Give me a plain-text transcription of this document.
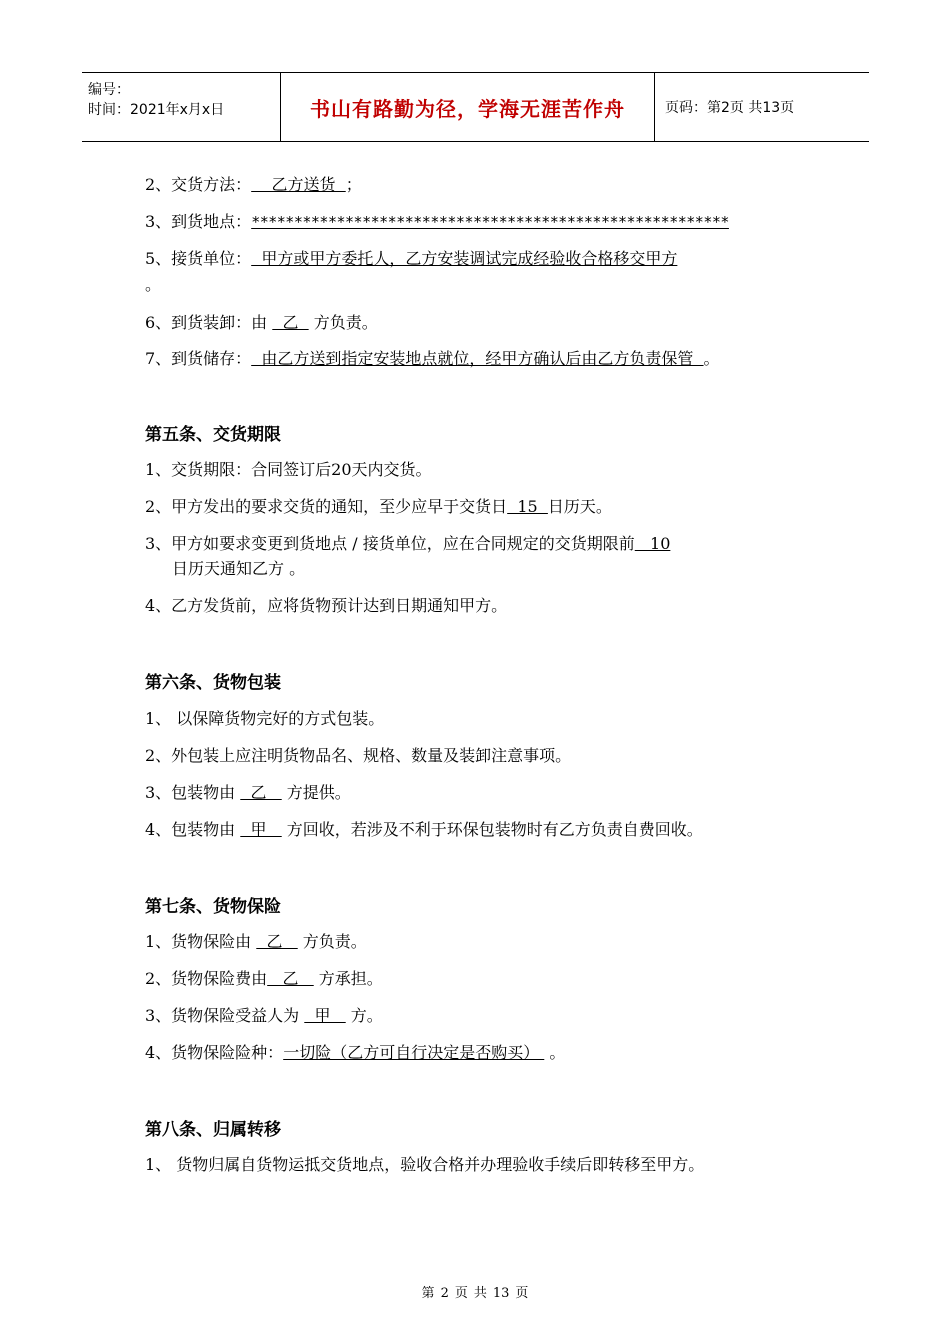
编号：
时间：2021年x月x日	书山有路勤为径，学海无涯苦作舟	页码：第2页 共13页
2、交货方法：    乙方送货  ；
3、到货地点：********************************************************
5、接货单位：  甲方或甲方委托人，乙方安装调试完成经验收合格移交甲方
。
6、到货装卸：由   乙   方负责。
7、到货储存：  由乙方送到指定安装地点就位，经甲方确认后由乙方负责保管  。
第五条、交货期限
1、交货期限：合同签订后20天内交货。
2、甲方发出的要求交货的通知，至少应早于交货日  15  日历天。
3、甲方如要求变更到货地点 / 接货单位，应在合同规定的交货期限前   10
日历天通知乙方 。
4、乙方发货前，应将货物预计达到日期通知甲方。
第六条、货物包装
1、 以保障货物完好的方式包装。
2、外包装上应注明货物品名、规格、数量及装卸注意事项。
3、包装物由   乙    方提供。
4、包装物由   甲    方回收，若涉及不利于环保包装物时有乙方负责自费回收。
第七条、货物保险
1、货物保险由   乙    方负责。
2、货物保险费由   乙    方承担。
3、货物保险受益人为   甲    方。
4、货物保险险种：一切险（乙方可自行决定是否购买）  。
第八条、归属转移
1、 货物归属自货物运抵交货地点，验收合格并办理验收手续后即转移至甲方。
第 2 页 共 13 页
